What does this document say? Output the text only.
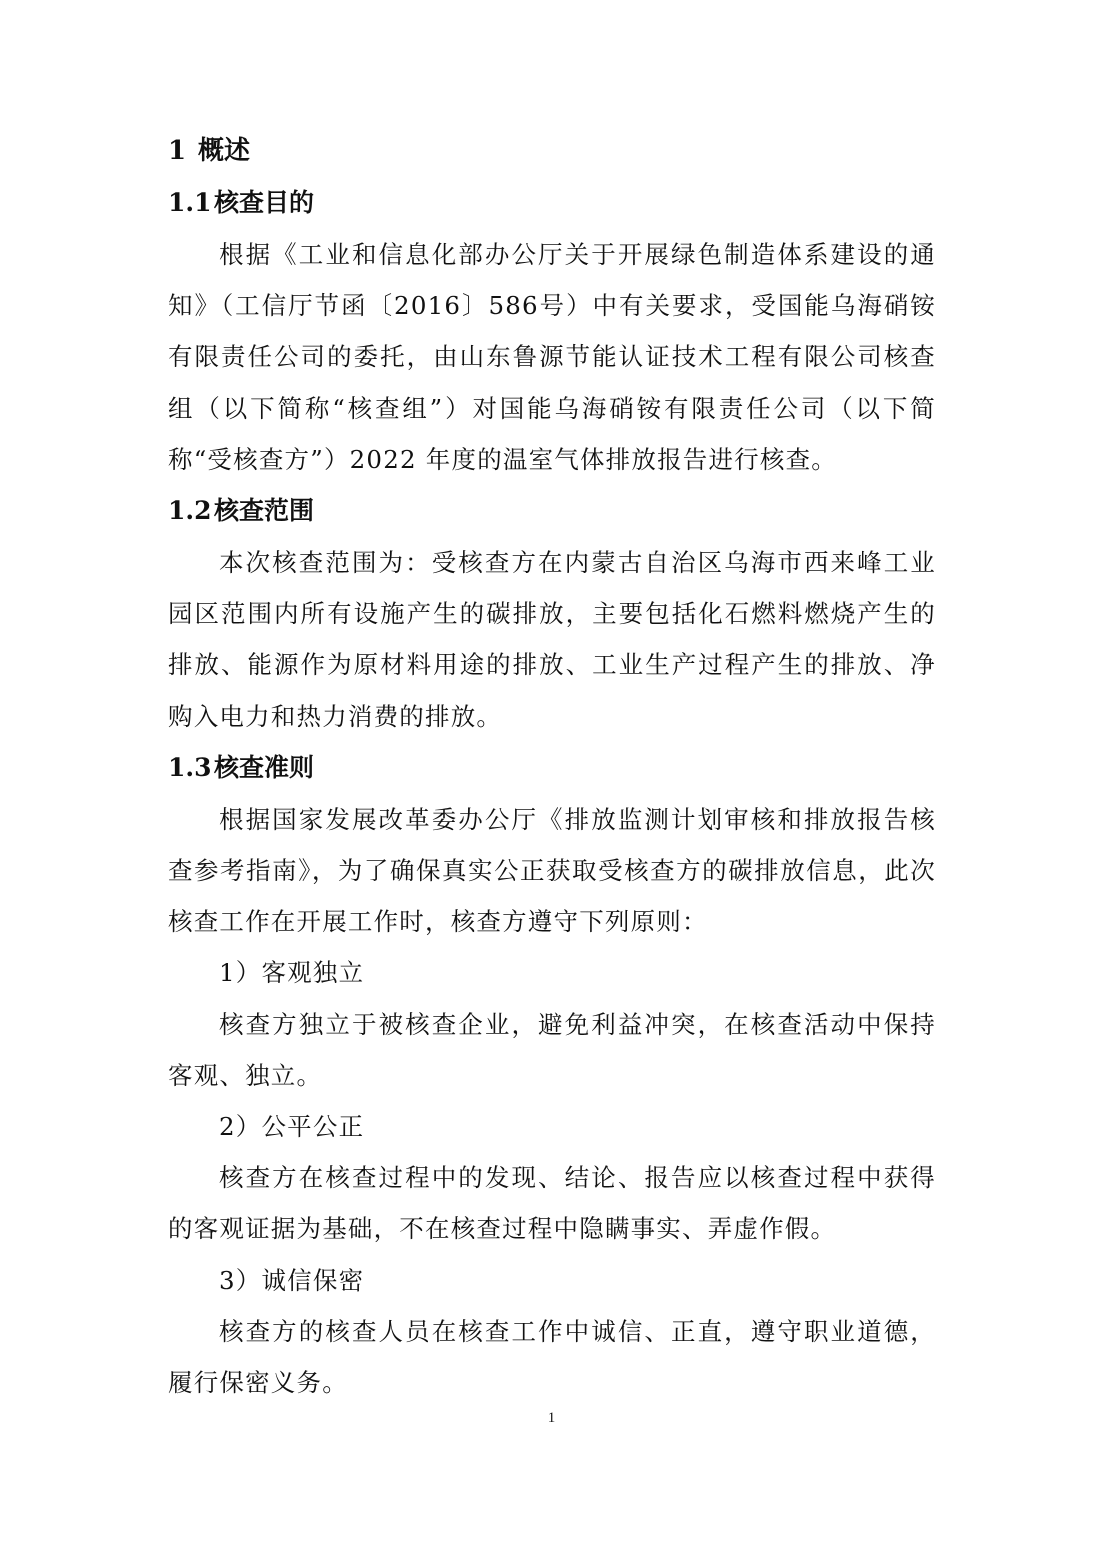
1 概述
1.1 核查目的

根据《工业和信息化部办公厅关于开展绿色制造体系建设的通知》（工信厅节函〔2016〕586号）中有关要求，受国能乌海硝铵有限责任公司的委托，由山东鲁源节能认证技术工程有限公司核查组（以下简称“核查组”）对国能乌海硝铵有限责任公司（以下简称“受核查方”）2022 年度的温室气体排放报告进行核查。

1.2 核查范围

本次核查范围为：受核查方在内蒙古自治区乌海市西来峰工业园区范围内所有设施产生的碳排放，主要包括化石燃料燃烧产生的排放、能源作为原材料用途的排放、工业生产过程产生的排放、净购入电力和热力消费的排放。

1.3 核查准则

根据国家发展改革委办公厅《排放监测计划审核和排放报告核查参考指南》，为了确保真实公正获取受核查方的碳排放信息，此次核查工作在开展工作时，核查方遵守下列原则：

1）客观独立

核查方独立于被核查企业，避免利益冲突，在核查活动中保持客观、独立。

2）公平公正

核查方在核查过程中的发现、结论、报告应以核查过程中获得的客观证据为基础，不在核查过程中隐瞒事实、弄虚作假。

3）诚信保密

核查方的核查人员在核查工作中诚信、正直，遵守职业道德，履行保密义务。

1
